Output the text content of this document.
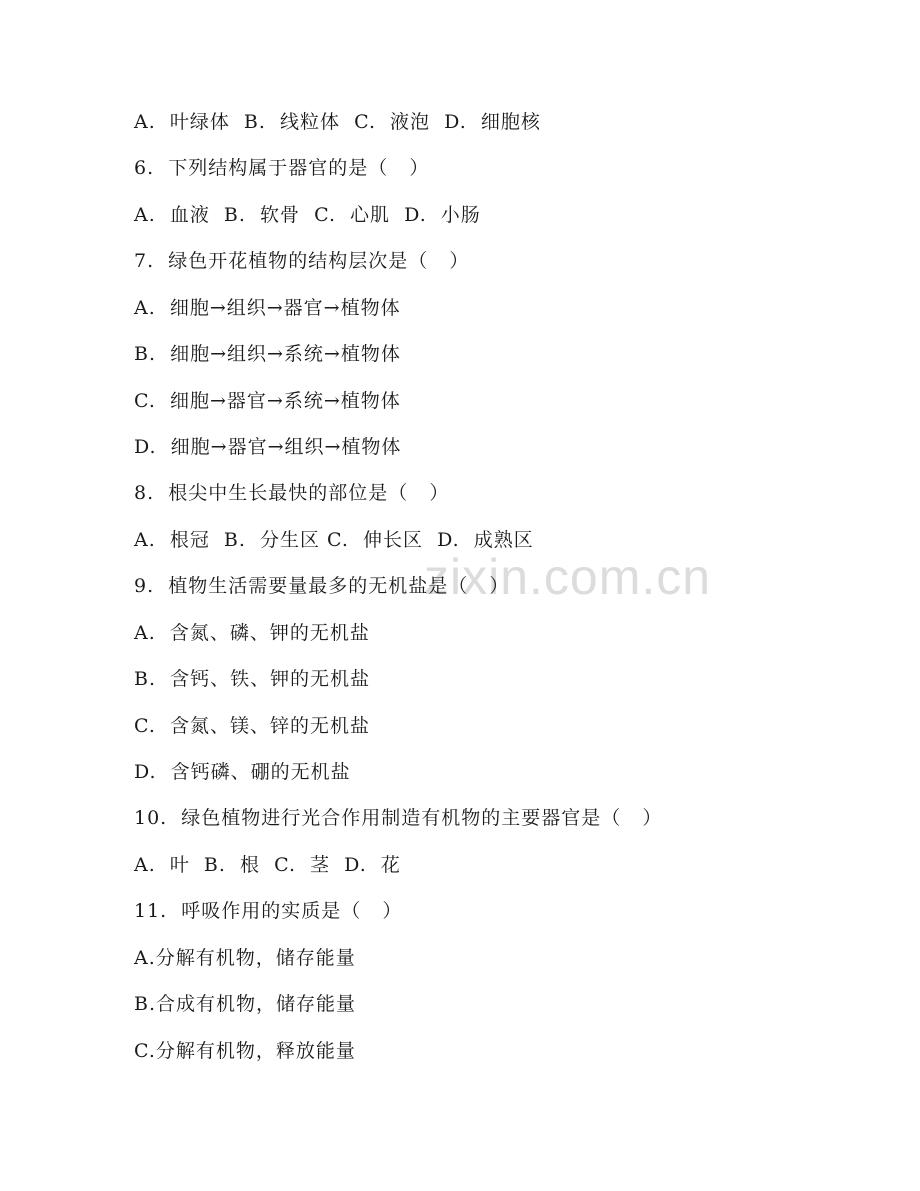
zixin.com.cn
A.  叶绿体  B.  线粒体  C.  液泡  D.  细胞核
6.  下列结构属于器官的是（   ）
A.  血液  B.  软骨  C.  心肌  D.  小肠
7.  绿色开花植物的结构层次是（   ）
A.  细胞→组织→器官→植物体
B.  细胞→组织→系统→植物体
C.  细胞→器官→系统→植物体
D.  细胞→器官→组织→植物体
8.  根尖中生长最快的部位是（   ）
A.  根冠  B.  分生区 C.  伸长区  D.  成熟区
9.  植物生活需要量最多的无机盐是（   ）
A.  含氮、磷、钾的无机盐
B.  含钙、铁、钾的无机盐
C.  含氮、镁、锌的无机盐
D.  含钙磷、硼的无机盐
10.  绿色植物进行光合作用制造有机物的主要器官是（   ）
A.  叶  B.  根  C.  茎  D.  花
11.  呼吸作用的实质是（   ）
A.分解有机物，储存能量
B.合成有机物，储存能量
C.分解有机物，释放能量
